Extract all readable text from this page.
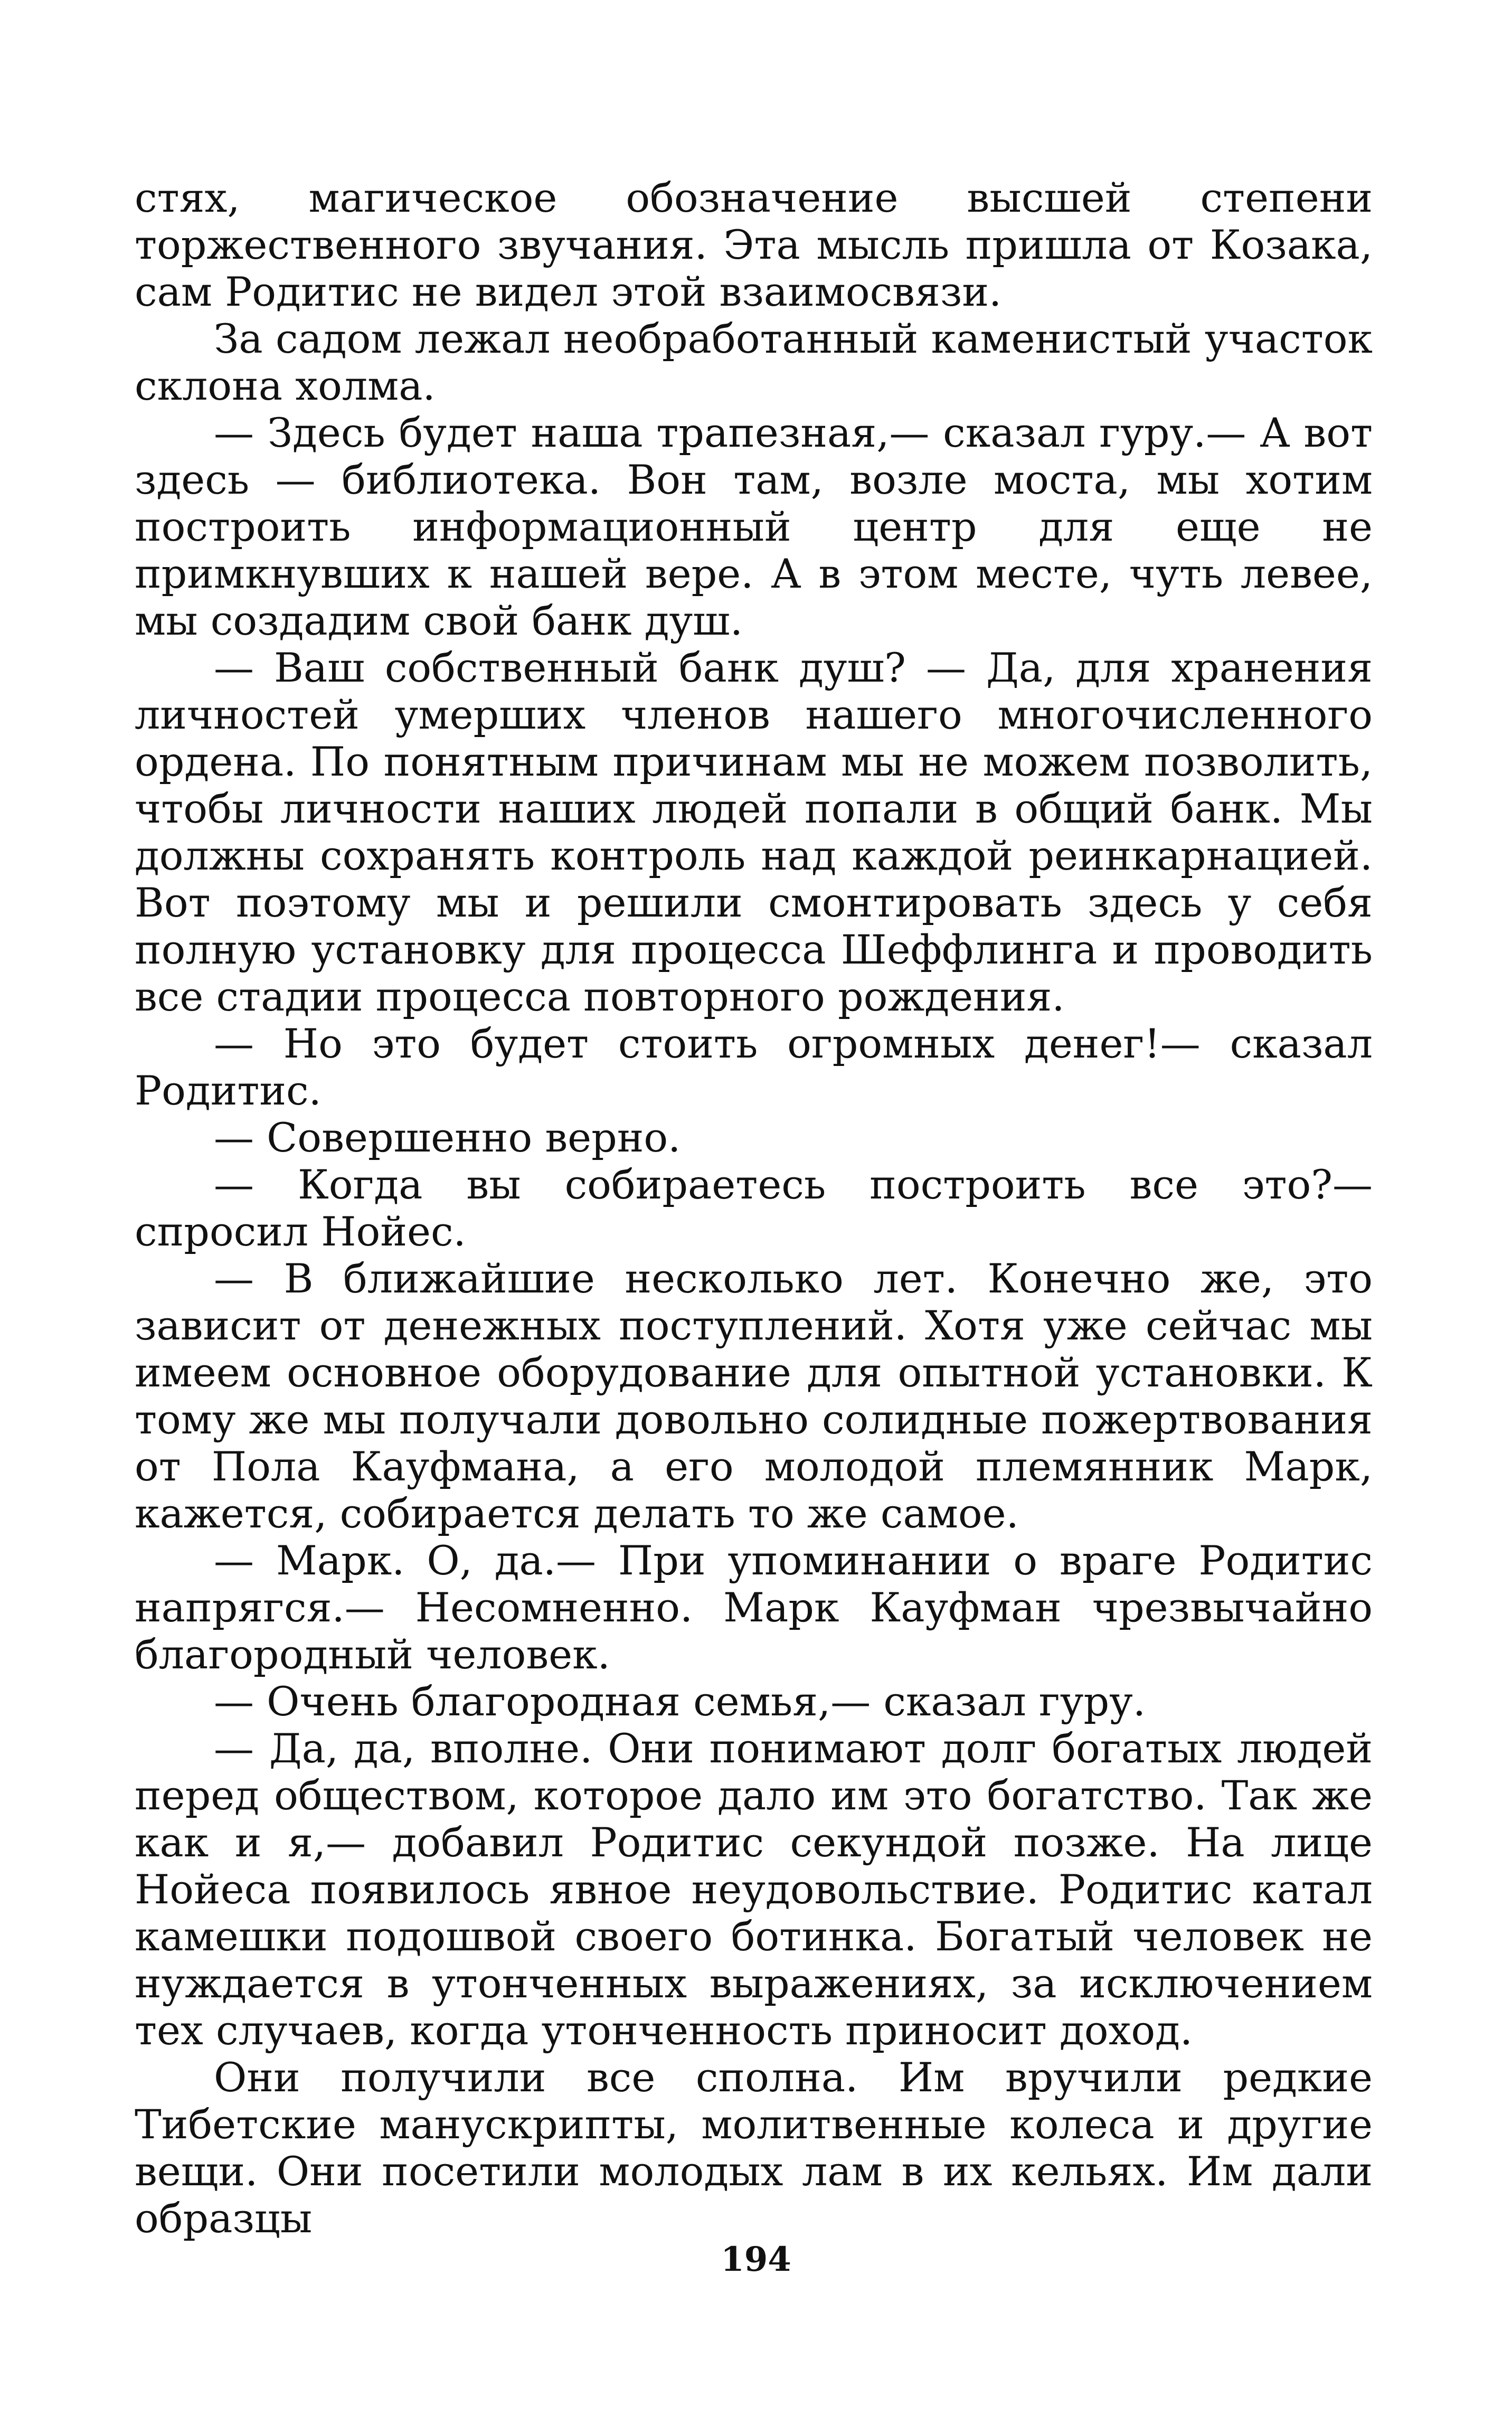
стях, магическое обозначение высшей степени торжественного звучания. Эта мысль пришла от Козака, сам Родитис не видел этой взаимосвязи.

За садом лежал необработанный каменистый участок склона холма.

— Здесь будет наша трапезная,— сказал гуру.— А вот здесь — библиотека. Вон там, возле моста, мы хотим построить информационный центр для еще не примкнувших к нашей вере. А в этом месте, чуть левее, мы создадим свой банк душ.

— Ваш собственный банк душ? — Да, для хранения личностей умерших членов нашего многочисленного ордена. По понятным причинам мы не можем позволить, чтобы личности наших людей попали в общий банк. Мы должны сохранять контроль над каждой реинкарнацией. Вот поэтому мы и решили смонтировать здесь у себя полную установку для процесса Шеффлинга и проводить все стадии процесса повторного рождения.

— Но это будет стоить огромных денег!— сказал Родитис.

— Совершенно верно.

— Когда вы собираетесь построить все это?— спросил Нойес.

— В ближайшие несколько лет. Конечно же, это зависит от денежных поступлений. Хотя уже сейчас мы имеем основное оборудование для опытной установки. К тому же мы получали довольно солидные пожертвования от Пола Кауфмана, а его молодой племянник Марк, кажется, собирается делать то же самое.

— Марк. О, да.— При упоминании о враге Родитис напрягся.— Несомненно. Марк Кауфман чрезвычайно благородный человек.

— Очень благородная семья,— сказал гуру.

— Да, да, вполне. Они понимают долг богатых людей перед обществом, которое дало им это богатство. Так же как и я,— добавил Родитис секундой позже. На лице Нойеса появилось явное неудовольствие. Родитис катал камешки подошвой своего ботинка. Богатый человек не нуждается в утонченных выражениях, за исключением тех случаев, когда утонченность приносит доход.

Они получили все сполна. Им вручили редкие Тибетские манускрипты, молитвенные колеса и другие вещи. Они посетили молодых лам в их кельях. Им дали образцы

194
